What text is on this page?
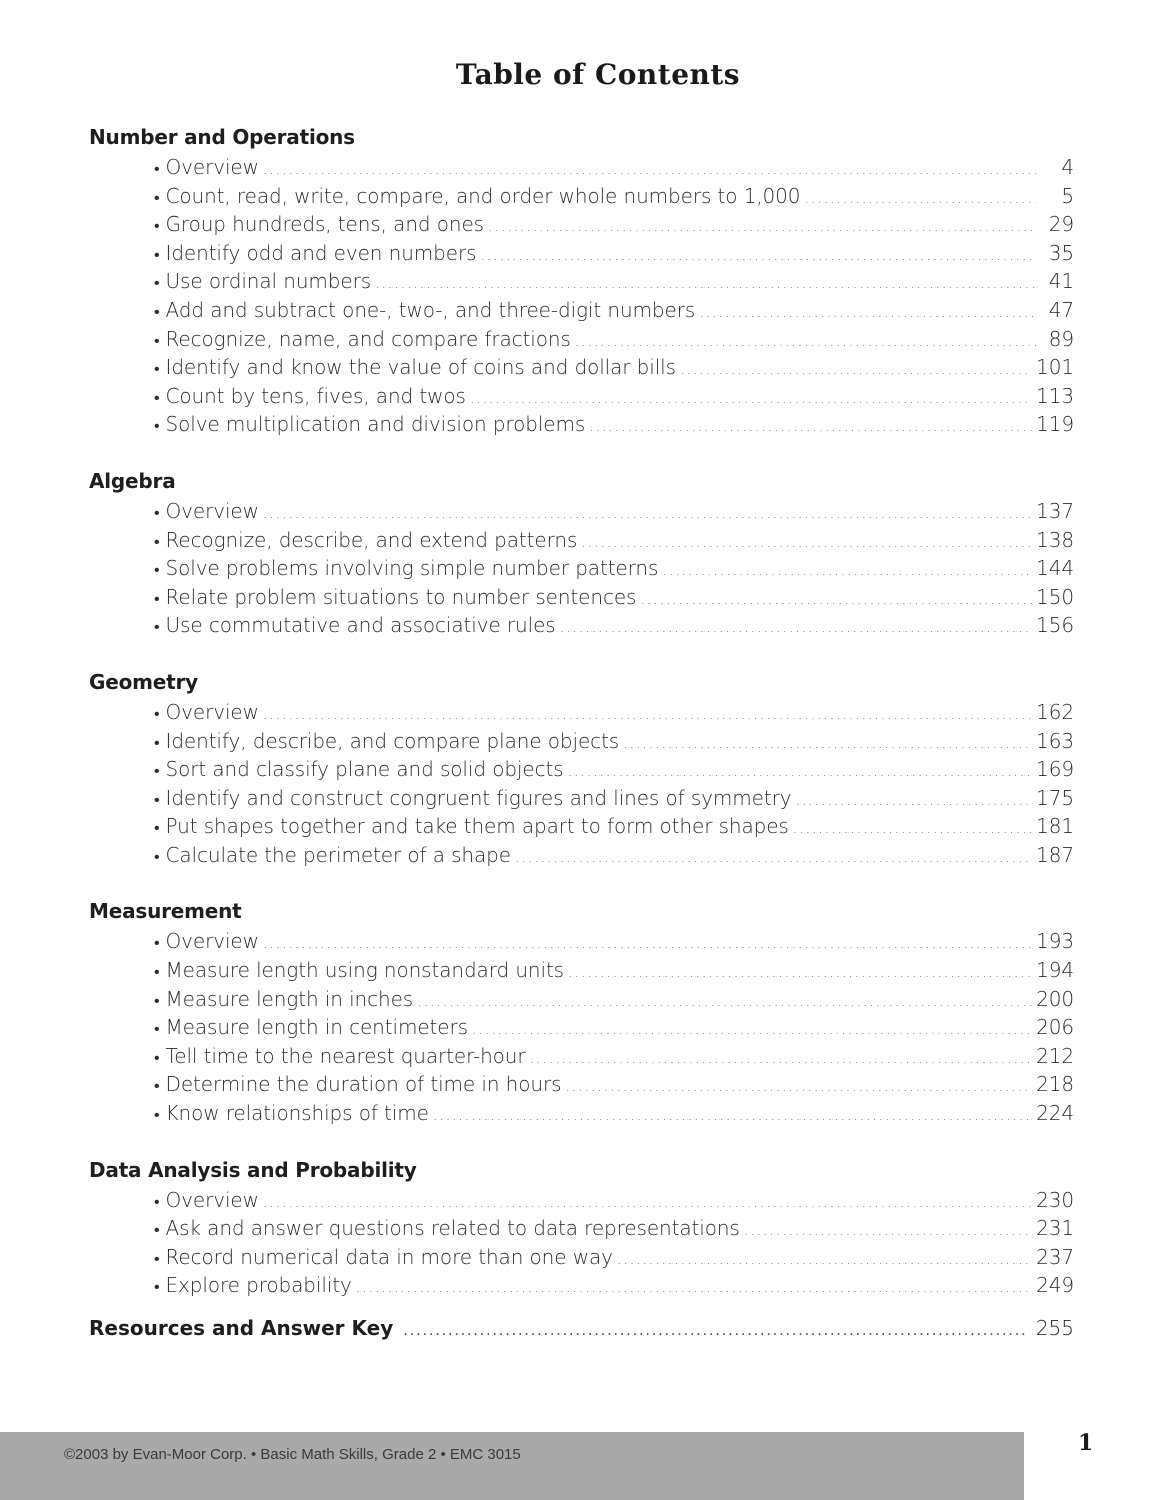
Table of Contents
Number and Operations
• Overview .....	4
• Count, read, write, compare, and order whole numbers to 1,000 .....	5
• Group hundreds, tens, and ones .....	29
• Identify odd and even numbers .....	35
• Use ordinal numbers .....	41
• Add and subtract one-, two-, and three-digit numbers .....	47
• Recognize, name, and compare fractions .....	89
• Identify and know the value of coins and dollar bills .....	101
• Count by tens, fives, and twos .....	113
• Solve multiplication and division problems .....	119
Algebra
• Overview .....	137
• Recognize, describe, and extend patterns .....	138
• Solve problems involving simple number patterns .....	144
• Relate problem situations to number sentences .....	150
• Use commutative and associative rules .....	156
Geometry
• Overview .....	162
• Identify, describe, and compare plane objects .....	163
• Sort and classify plane and solid objects .....	169
• Identify and construct congruent figures and lines of symmetry .....	175
• Put shapes together and take them apart to form other shapes .....	181
• Calculate the perimeter of a shape .....	187
Measurement
• Overview .....	193
• Measure length using nonstandard units .....	194
• Measure length in inches .....	200
• Measure length in centimeters .....	206
• Tell time to the nearest quarter-hour .....	212
• Determine the duration of time in hours .....	218
• Know relationships of time .....	224
Data Analysis and Probability
• Overview .....	230
• Ask and answer questions related to data representations .....	231
• Record numerical data in more than one way .....	237
• Explore probability .....	249
Resources and Answer Key .....	255
©2003 by Evan-Moor Corp. • Basic Math Skills, Grade 2 • EMC 3015	1
